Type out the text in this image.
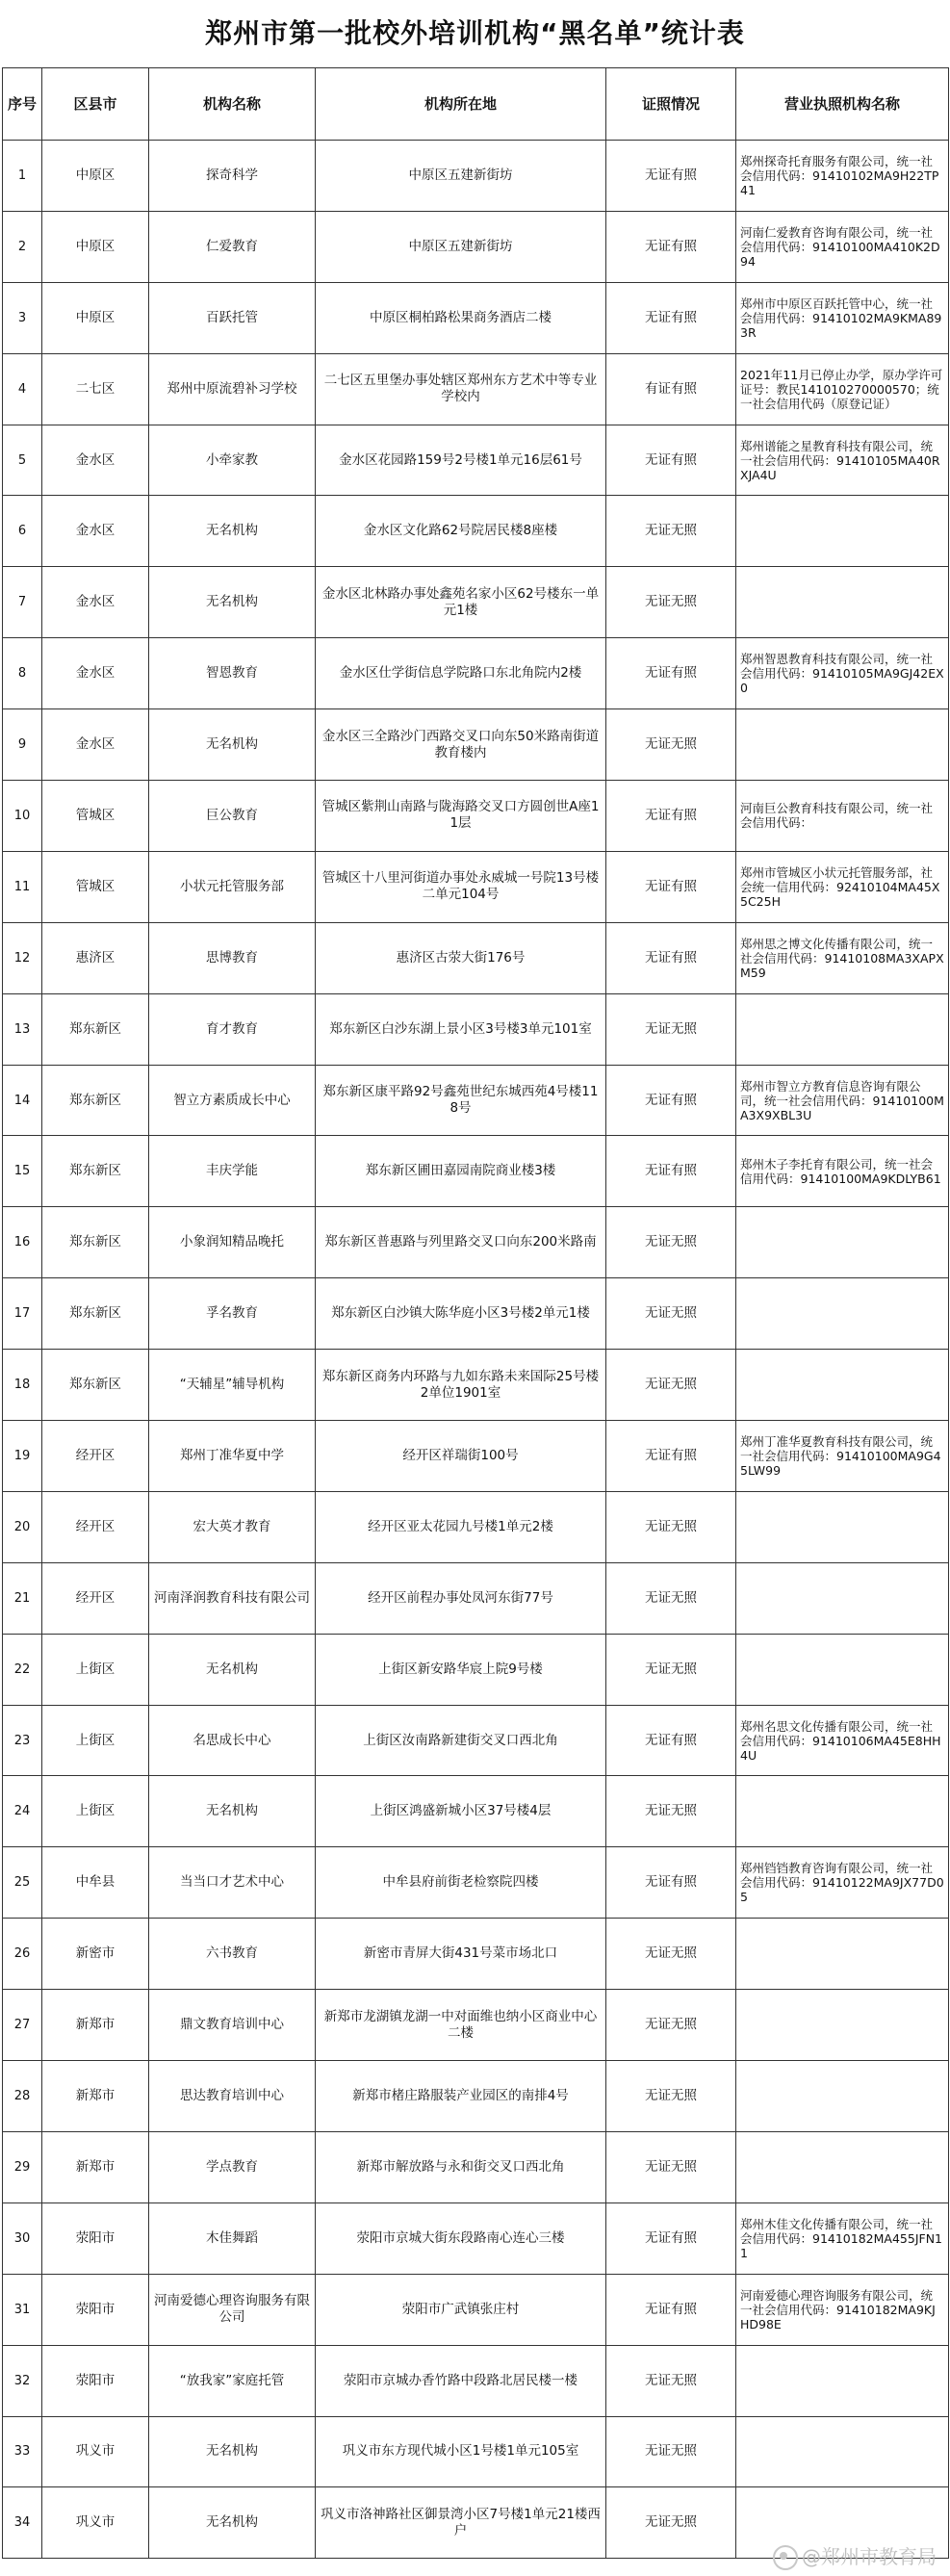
郑州市第一批校外培训机构“黑名单”统计表
序号	区县市	机构名称	机构所在地	证照情况	营业执照机构名称
1	中原区	探奇科学	中原区五建新街坊	无证有照	郑州探奇托育服务有限公司，统一社会信用代码：91410102MA9H22TP41
2	中原区	仁爱教育	中原区五建新街坊	无证有照	河南仁爱教育咨询有限公司，统一社会信用代码：91410100MA410K2D94
3	中原区	百跃托管	中原区桐柏路松果商务酒店二楼	无证有照	郑州市中原区百跃托管中心，统一社会信用代码：91410102MA9KMA893R
4	二七区	郑州中原流碧补习学校	二七区五里堡办事处辖区郑州东方艺术中等专业学校内	有证有照	2021年11月已停止办学，原办学许可证号：教民141010270000570；统一社会信用代码（原登记证）
5	金水区	小牵家教	金水区花园路159号2号楼1单元16层61号	无证有照	郑州谱能之星教育科技有限公司，统一社会信用代码：91410105MA40RXJA4U
6	金水区	无名机构	金水区文化路62号院居民楼8座楼	无证无照	
7	金水区	无名机构	金水区北林路办事处鑫苑名家小区62号楼东一单元1楼	无证无照	
8	金水区	智恩教育	金水区仕学街信息学院路口东北角院内2楼	无证有照	郑州智恩教育科技有限公司，统一社会信用代码：91410105MA9GJ42EX0
9	金水区	无名机构	金水区三全路沙门西路交叉口向东50米路南街道教育楼内	无证无照	
10	管城区	巨公教育	管城区紫荆山南路与陇海路交叉口方圆创世A座11层	无证有照	河南巨公教育科技有限公司，统一社会信用代码：
11	管城区	小状元托管服务部	管城区十八里河街道办事处永威城一号院13号楼二单元104号	无证有照	郑州市管城区小状元托管服务部，社会统一信用代码：92410104MA45X5C25H
12	惠济区	思博教育	惠济区古荥大街176号	无证有照	郑州思之博文化传播有限公司，统一社会信用代码：91410108MA3XAPXM59
13	郑东新区	育才教育	郑东新区白沙东湖上景小区3号楼3单元101室	无证无照	
14	郑东新区	智立方素质成长中心	郑东新区康平路92号鑫苑世纪东城西苑4号楼118号	无证有照	郑州市智立方教育信息咨询有限公司，统一社会信用代码：91410100MA3X9XBL3U
15	郑东新区	丰庆学能	郑东新区圃田嘉园南院商业楼3楼	无证有照	郑州木子李托育有限公司，统一社会信用代码：91410100MA9KDLYB61
16	郑东新区	小象润知精品晚托	郑东新区普惠路与列里路交叉口向东200米路南	无证无照	
17	郑东新区	孚名教育	郑东新区白沙镇大陈华庭小区3号楼2单元1楼	无证无照	
18	郑东新区	“天辅星”辅导机构	郑东新区商务内环路与九如东路未来国际25号楼2单位1901室	无证无照	
19	经开区	郑州丁准华夏中学	经开区祥瑞街100号	无证有照	郑州丁准华夏教育科技有限公司，统一社会信用代码：91410100MA9G45LW99
20	经开区	宏大英才教育	经开区亚太花园九号楼1单元2楼	无证无照	
21	经开区	河南泽润教育科技有限公司	经开区前程办事处凤河东街77号	无证无照	
22	上街区	无名机构	上街区新安路华宸上院9号楼	无证无照	
23	上街区	名思成长中心	上街区汝南路新建街交叉口西北角	无证有照	郑州名思文化传播有限公司，统一社会信用代码：91410106MA45E8HH4U
24	上街区	无名机构	上街区鸿盛新城小区37号楼4层	无证无照	
25	中牟县	当当口才艺术中心	中牟县府前街老检察院四楼	无证有照	郑州铛铛教育咨询有限公司，统一社会信用代码：91410122MA9JX77D05
26	新密市	六书教育	新密市青屏大街431号菜市场北口	无证无照	
27	新郑市	鼎文教育培训中心	新郑市龙湖镇龙湖一中对面维也纳小区商业中心二楼	无证无照	
28	新郑市	思达教育培训中心	新郑市楮庄路服装产业园区的南排4号	无证无照	
29	新郑市	学点教育	新郑市解放路与永和街交叉口西北角	无证无照	
30	荥阳市	木佳舞蹈	荥阳市京城大街东段路南心连心三楼	无证有照	郑州木佳文化传播有限公司，统一社会信用代码：91410182MA455JFN11
31	荥阳市	河南爱德心理咨询服务有限公司	荥阳市广武镇张庄村	无证有照	河南爱德心理咨询服务有限公司，统一社会信用代码：91410182MA9KJHD98E
32	荥阳市	“放我家”家庭托管	荥阳市京城办香竹路中段路北居民楼一楼	无证无照	
33	巩义市	无名机构	巩义市东方现代城小区1号楼1单元105室	无证无照	
34	巩义市	无名机构	巩义市洛神路社区御景湾小区7号楼1单元21楼西户	无证无照	
@郑州市教育局
